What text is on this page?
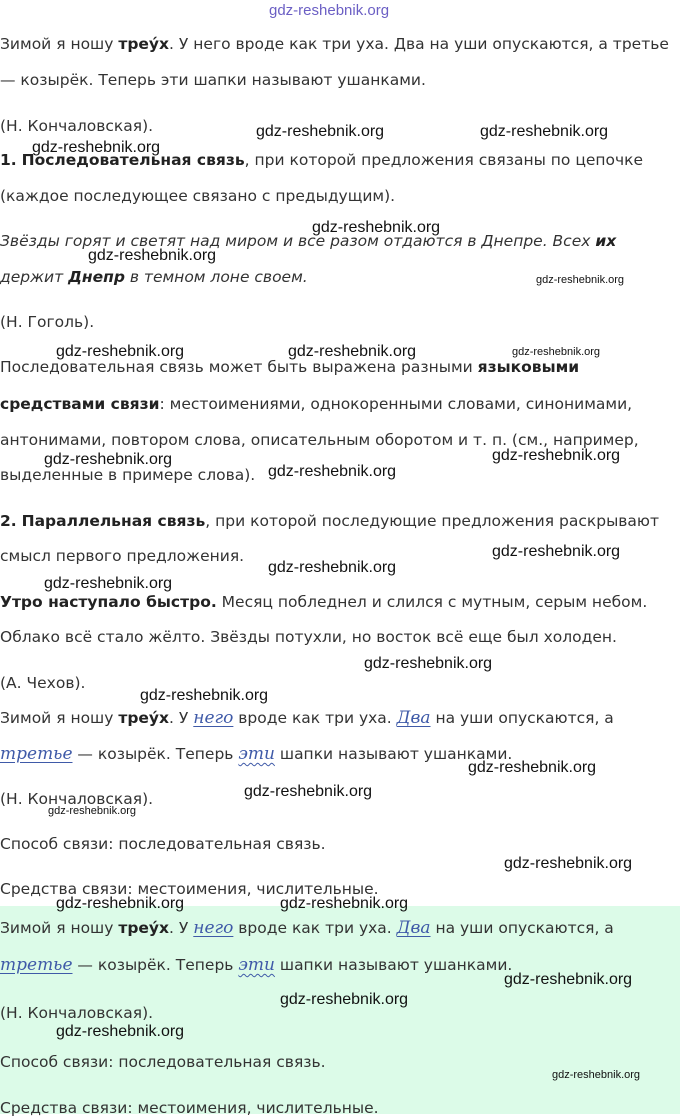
gdz-reshebnik.org
Зимой я ношу треу́х. У него вроде как три уха. Два на уши опускаются, а третье
— козырёк. Теперь эти шапки называют ушанками.
(Н. Кончаловская).
1. Последовательная связь, при которой предложения связаны по цепочке
(каждое последующее связано с предыдущим).
Звёзды горят и светят над миром и все разом отдаются в Днепре. Всех их
держит Днепр в темном лоне своем.
(Н. Гоголь).
Последовательная связь может быть выражена разными языковыми
средствами связи: местоимениями, однокоренными словами, синонимами,
антонимами, повтором слова, описательным оборотом и т. п. (см., например,
выделенные в примере слова).
2. Параллельная связь, при которой последующие предложения раскрывают
смысл первого предложения.
Утро наступало быстро. Месяц побледнел и слился с мутным, серым небом.
Облако всё стало жёлто. Звёзды потухли, но восток всё еще был холоден.
(А. Чехов).
Зимой я ношу треу́х. У него вроде как три уха. Два на уши опускаются, а
третье — козырёк. Теперь эти шапки называют ушанками.
(Н. Кончаловская).
Способ связи: последовательная связь.
Средства связи: местоимения, числительные.
Зимой я ношу треу́х. У него вроде как три уха. Два на уши опускаются, а
третье — козырёк. Теперь эти шапки называют ушанками.
(Н. Кончаловская).
Способ связи: последовательная связь.
Средства связи: местоимения, числительные.
gdz-reshebnik.org	gdz-reshebnik.org
gdz-reshebnik.org
gdz-reshebnik.org
gdz-reshebnik.org
gdz-reshebnik.org
gdz-reshebnik.org	gdz-reshebnik.org	gdz-reshebnik.org
gdz-reshebnik.org
gdz-reshebnik.org
gdz-reshebnik.org
gdz-reshebnik.org
gdz-reshebnik.org
gdz-reshebnik.org
gdz-reshebnik.org
gdz-reshebnik.org
gdz-reshebnik.org
gdz-reshebnik.org
gdz-reshebnik.org
gdz-reshebnik.org
gdz-reshebnik.org	gdz-reshebnik.org
gdz-reshebnik.org
gdz-reshebnik.org
gdz-reshebnik.org
gdz-reshebnik.org
